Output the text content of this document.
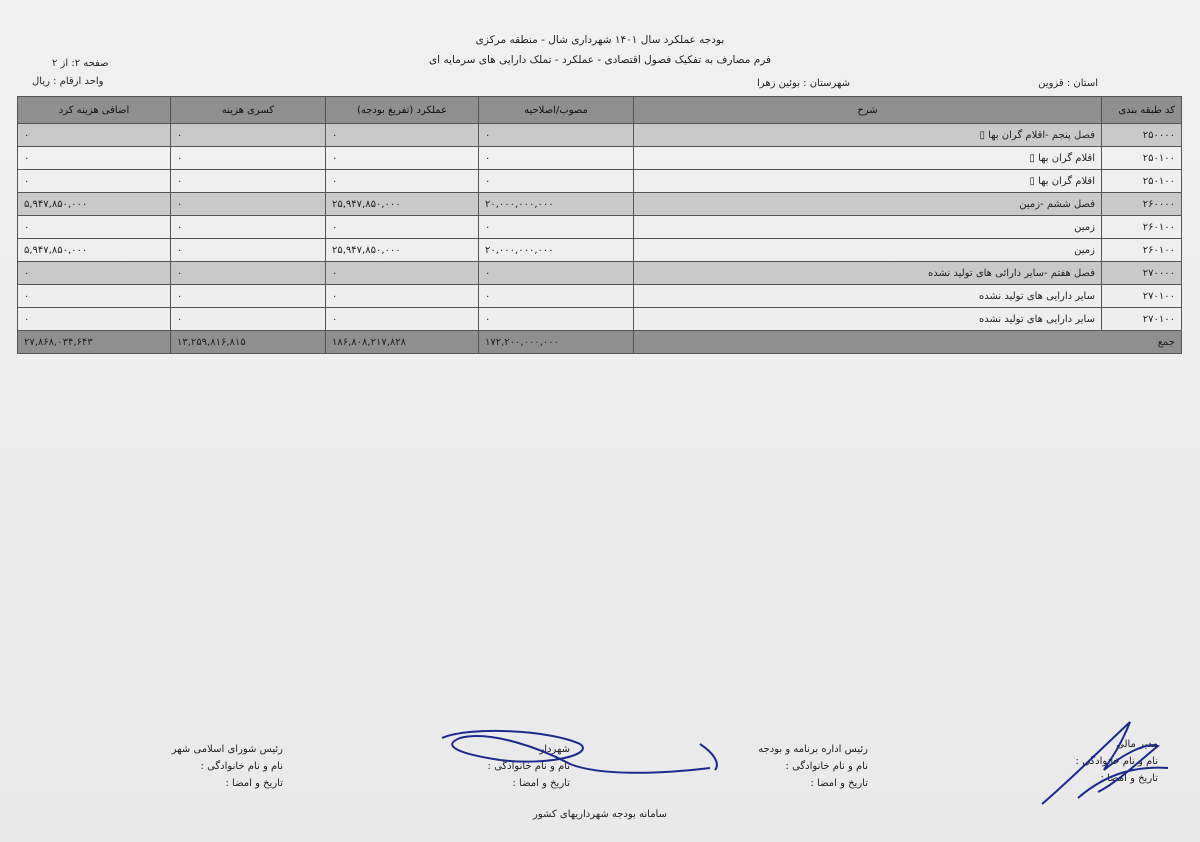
بودجه عملکرد سال ۱۴۰۱ شهرداری شال - منطقه مرکزی
فرم مصارف به تفکیک فصول اقتصادی - عملکرد - تملک دارایی های سرمایه ای
صفحه ۲: از ۲
واحد ارقام : ریال	استان : قزوین
شهرستان : بوئین زهرا
کد طبقه بندی	شرح	مصوب/اصلاحیه	عملکرد (تفریغ بودجه)	کسری هزینه	اضافی هزینه کرد
۲۵۰۰۰۰	فصل پنجم -اقلام گران بها ▯	۰	۰	۰	۰
۲۵۰۱۰۰	اقلام گران بها ▯	۰	۰	۰	۰
۲۵۰۱۰۰	اقلام گران بها ▯	۰	۰	۰	۰
۲۶۰۰۰۰	فصل ششم -زمین	۲۰,۰۰۰,۰۰۰,۰۰۰	۲۵,۹۴۷,۸۵۰,۰۰۰	۰	۵,۹۴۷,۸۵۰,۰۰۰
۲۶۰۱۰۰	زمین	۰	۰	۰	۰
۲۶۰۱۰۰	زمین	۲۰,۰۰۰,۰۰۰,۰۰۰	۲۵,۹۴۷,۸۵۰,۰۰۰	۰	۵,۹۴۷,۸۵۰,۰۰۰
۲۷۰۰۰۰	فصل هفتم -سایر دارائی های تولید نشده	۰	۰	۰	۰
۲۷۰۱۰۰	سایر دارایی های تولید نشده	۰	۰	۰	۰
۲۷۰۱۰۰	سایر دارایی های تولید نشده	۰	۰	۰	۰
جمع		۱۷۲,۲۰۰,۰۰۰,۰۰۰	۱۸۶,۸۰۸,۲۱۷,۸۲۸	۱۳,۲۵۹,۸۱۶,۸۱۵	۲۷,۸۶۸,۰۳۴,۶۴۳
مدیر مالی
نام و نام خانوادگی :
تاریخ و امضا :
رئیس اداره برنامه و بودجه
نام و نام خانوادگی :
تاریخ و امضا :
شهردار
نام و نام خانوادگی :
تاریخ و امضا :
رئیس شورای اسلامی شهر
نام و نام خانوادگی :
تاریخ و امضا :
سامانه بودجه شهرداریهای کشور
